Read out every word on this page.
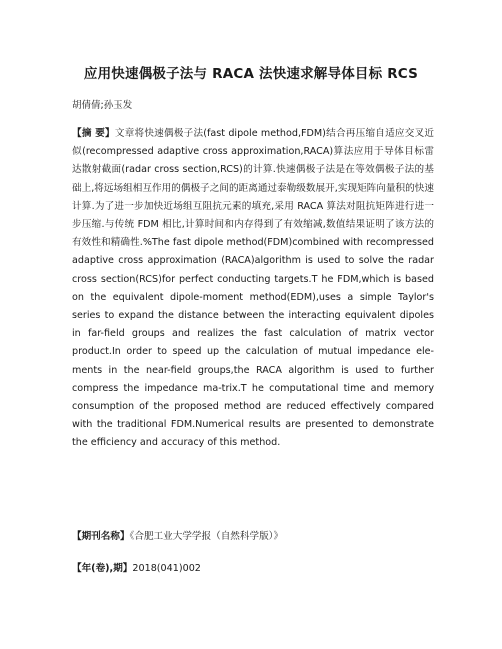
应用快速偶极子法与 RACA 法快速求解导体目标 RCS
胡倩倩;孙玉发
【摘 要】文章将快速偶极子法(fast dipole method,FDM)结合再压缩自适应交叉近似(recompressed adaptive cross approximation,RACA)算法应用于导体目标雷达散射截面(radar cross section,RCS)的计算.快速偶极子法是在等效偶极子法的基础上,将远场组相互作用的偶极子之间的距离通过泰勒级数展开,实现矩阵向量积的快速计算.为了进一步加快近场组互阻抗元素的填充,采用 RACA 算法对阻抗矩阵进行进一步压缩.与传统 FDM 相比,计算时间和内存得到了有效缩减,数值结果证明了该方法的有效性和精确性.%The fast dipole method(FDM)combined with recompressed adaptive cross approximation (RACA)algorithm is used to solve the radar cross section(RCS)for perfect conducting targets.T he FDM,which is based on the equivalent dipole-moment method(EDM),uses a simple Taylor's series to expand the distance between the interacting equivalent dipoles in far-field groups and realizes the fast calculation of matrix vector product.In order to speed up the calculation of mutual impedance ele-ments in the near-field groups,the RACA algorithm is used to further compress the impedance ma-trix.T he computational time and memory consumption of the proposed method are reduced effectively compared with the traditional FDM.Numerical results are presented to demonstrate the efficiency and accuracy of this method.
【期刊名称】《合肥工业大学学报（自然科学版）》
【年(卷),期】2018(041)002
